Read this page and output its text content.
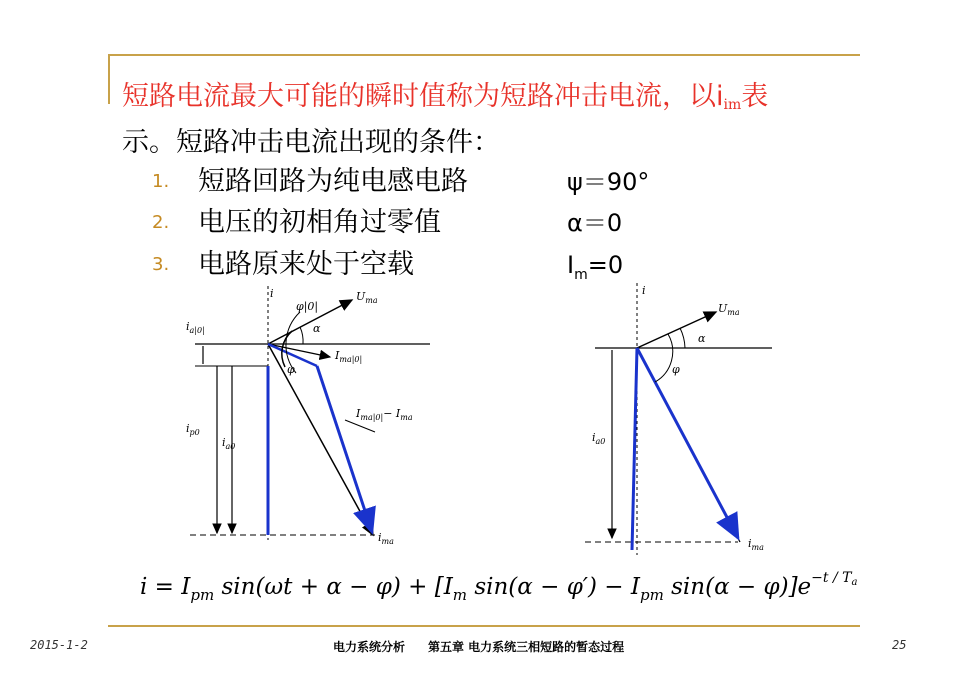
短路电流最大可能的瞬时值称为短路冲击电流，以$i_{im}$表
示。短路冲击电流出现的条件：
1. 短路回路为纯电感电路	ψ＝90°
2. 电压的初相角过零值	α＝0
3. 电路原来处于空载	$I_m=0$
i
$i_{a|0|}$
φ|0|
$U_{ma}$
α
φ
$I_{ma|0|}$
$I_{ma|0|}- I_{ma}$
$i_{p0}$
$i_{a0}$
$i_{ma}$
i
$U_{ma}$
α
φ
$i_{a0}$
$i_{ma}$
$i = I_{pm}$ $\sin(\omega t + \alpha - \varphi) + [I_m$ $\sin(\alpha - \varphi') - I_{pm}$ $\sin(\alpha - \varphi)]e^{-t / T_a}$
2015-1-2	电力系统分析 第五章 电力系统三相短路的暂态过程	25
